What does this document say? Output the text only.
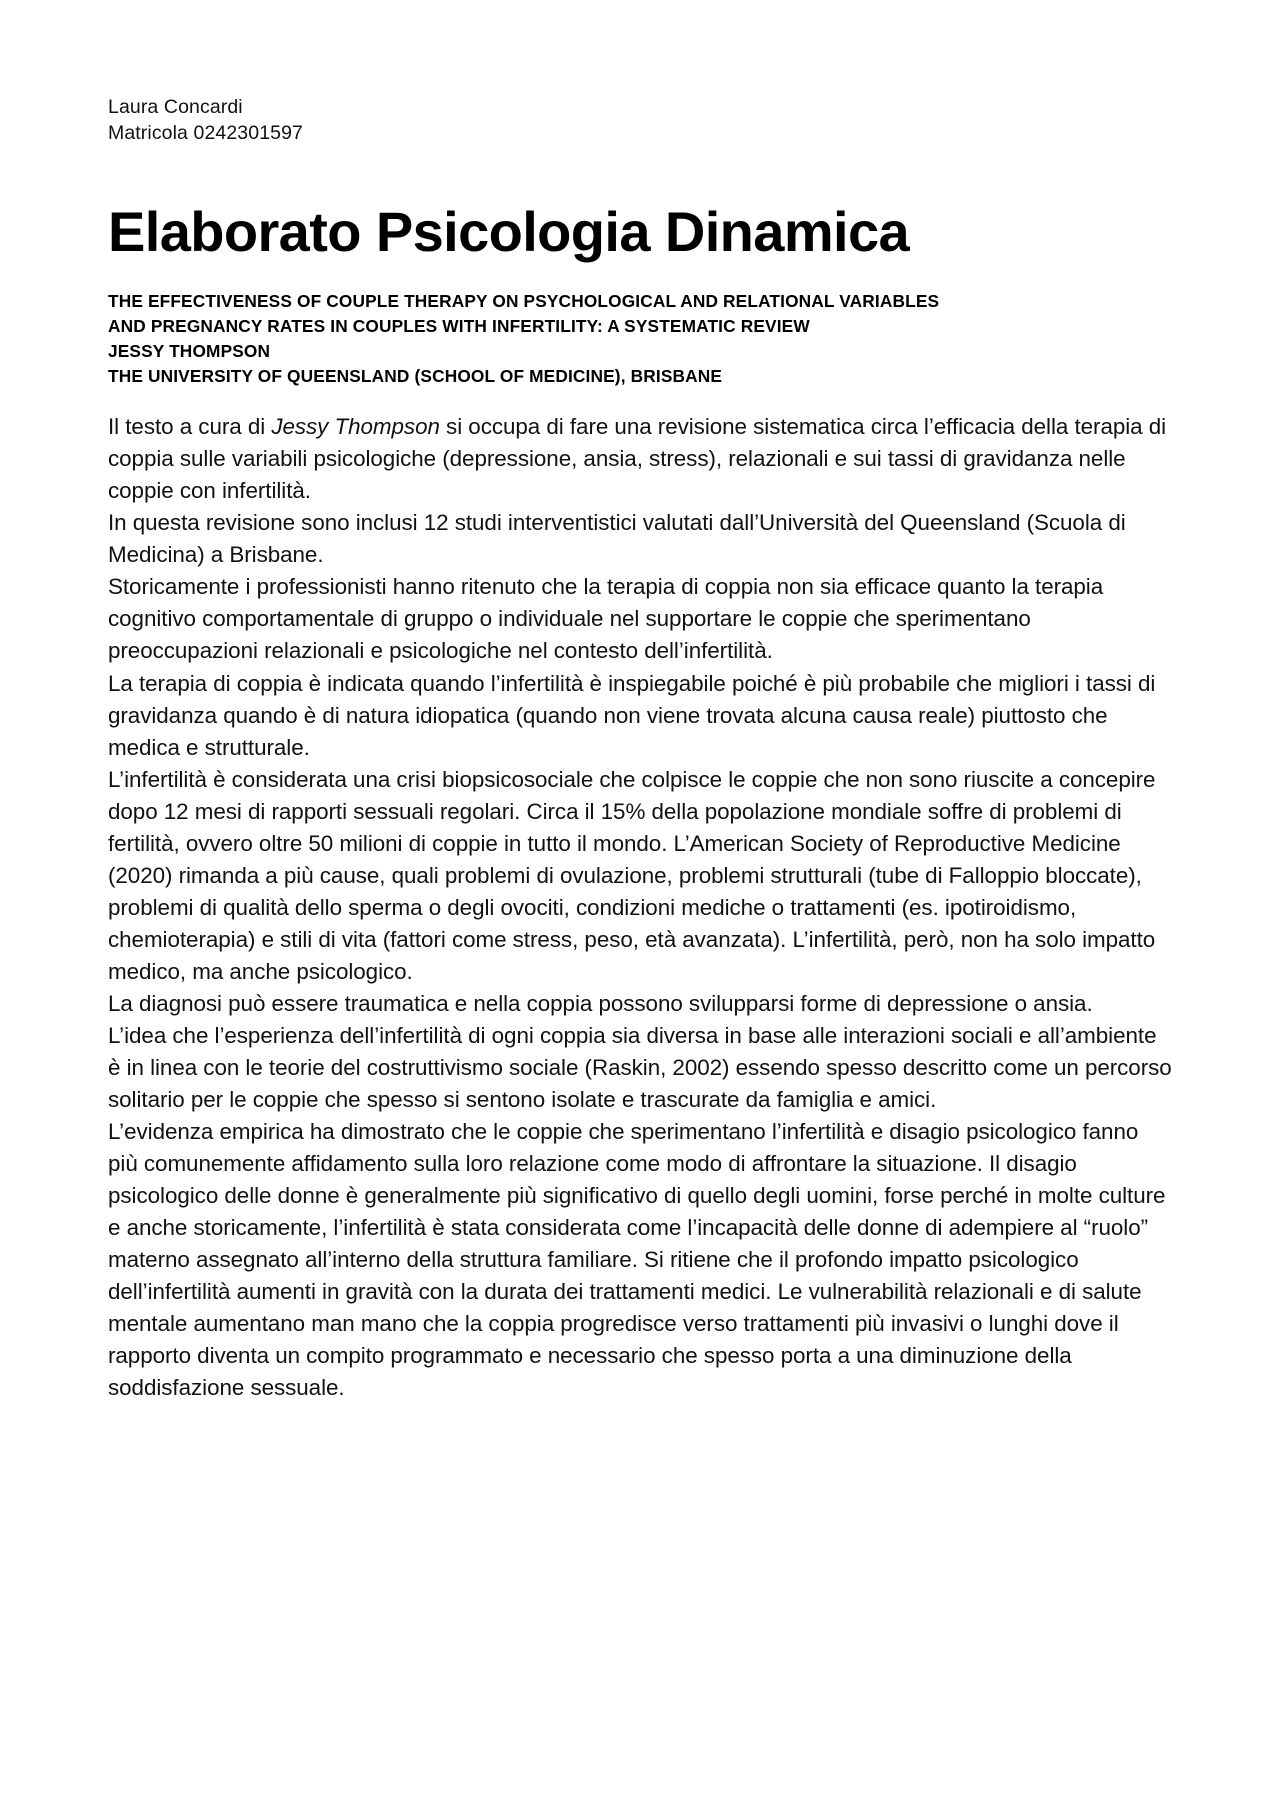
Laura Concardi
Matricola 0242301597
Elaborato Psicologia Dinamica
THE EFFECTIVENESS OF COUPLE THERAPY ON PSYCHOLOGICAL AND RELATIONAL VARIABLES
AND PREGNANCY RATES IN COUPLES WITH INFERTILITY: A SYSTEMATIC REVIEW
JESSY THOMPSON
THE UNIVERSITY OF QUEENSLAND (SCHOOL OF MEDICINE), BRISBANE

Il testo a cura di Jessy Thompson si occupa di fare una revisione sistematica circa l’efficacia della terapia di coppia sulle variabili psicologiche (depressione, ansia, stress), relazionali e sui tassi di gravidanza nelle coppie con infertilità.

In questa revisione sono inclusi 12 studi interventistici valutati dall’Università del Queensland (Scuola di Medicina) a Brisbane.

Storicamente i professionisti hanno ritenuto che la terapia di coppia non sia efficace quanto la terapia cognitivo comportamentale di gruppo o individuale nel supportare le coppie che sperimentano preoccupazioni relazionali e psicologiche nel contesto dell’infertilità.

La terapia di coppia è indicata quando l’infertilità è inspiegabile poiché è più probabile che migliori i tassi di gravidanza quando è di natura idiopatica (quando non viene trovata alcuna causa reale) piuttosto che medica e strutturale.

L’infertilità è considerata una crisi biopsicosociale che colpisce le coppie che non sono riuscite a concepire dopo 12 mesi di rapporti sessuali regolari. Circa il 15% della popolazione mondiale soffre di problemi di fertilità, ovvero oltre 50 milioni di coppie in tutto il mondo. L’American Society of Reproductive Medicine (2020) rimanda a più cause, quali problemi di ovulazione, problemi strutturali (tube di Falloppio bloccate), problemi di qualità dello sperma o degli ovociti, condizioni mediche o trattamenti (es. ipotiroidismo, chemioterapia) e stili di vita (fattori come stress, peso, età avanzata). L’infertilità, però, non ha solo impatto medico, ma anche psicologico.

La diagnosi può essere traumatica e nella coppia possono svilupparsi forme di depressione o ansia.

L’idea che l’esperienza dell’infertilità di ogni coppia sia diversa in base alle interazioni sociali e all’ambiente è in linea con le teorie del costruttivismo sociale (Raskin, 2002) essendo spesso descritto come un percorso solitario per le coppie che spesso si sentono isolate e trascurate da famiglia e amici.

L’evidenza empirica ha dimostrato che le coppie che sperimentano l’infertilità e disagio psicologico fanno più comunemente affidamento sulla loro relazione come modo di affrontare la situazione. Il disagio psicologico delle donne è generalmente più significativo di quello degli uomini, forse perché in molte culture e anche storicamente, l’infertilità è stata considerata come l’incapacità delle donne di adempiere al “ruolo” materno assegnato all’interno della struttura familiare. Si ritiene che il profondo impatto psicologico dell’infertilità aumenti in gravità con la durata dei trattamenti medici. Le vulnerabilità relazionali e di salute mentale aumentano man mano che la coppia progredisce verso trattamenti più invasivi o lunghi dove il rapporto diventa un compito programmato e necessario che spesso porta a una diminuzione della soddisfazione sessuale.
